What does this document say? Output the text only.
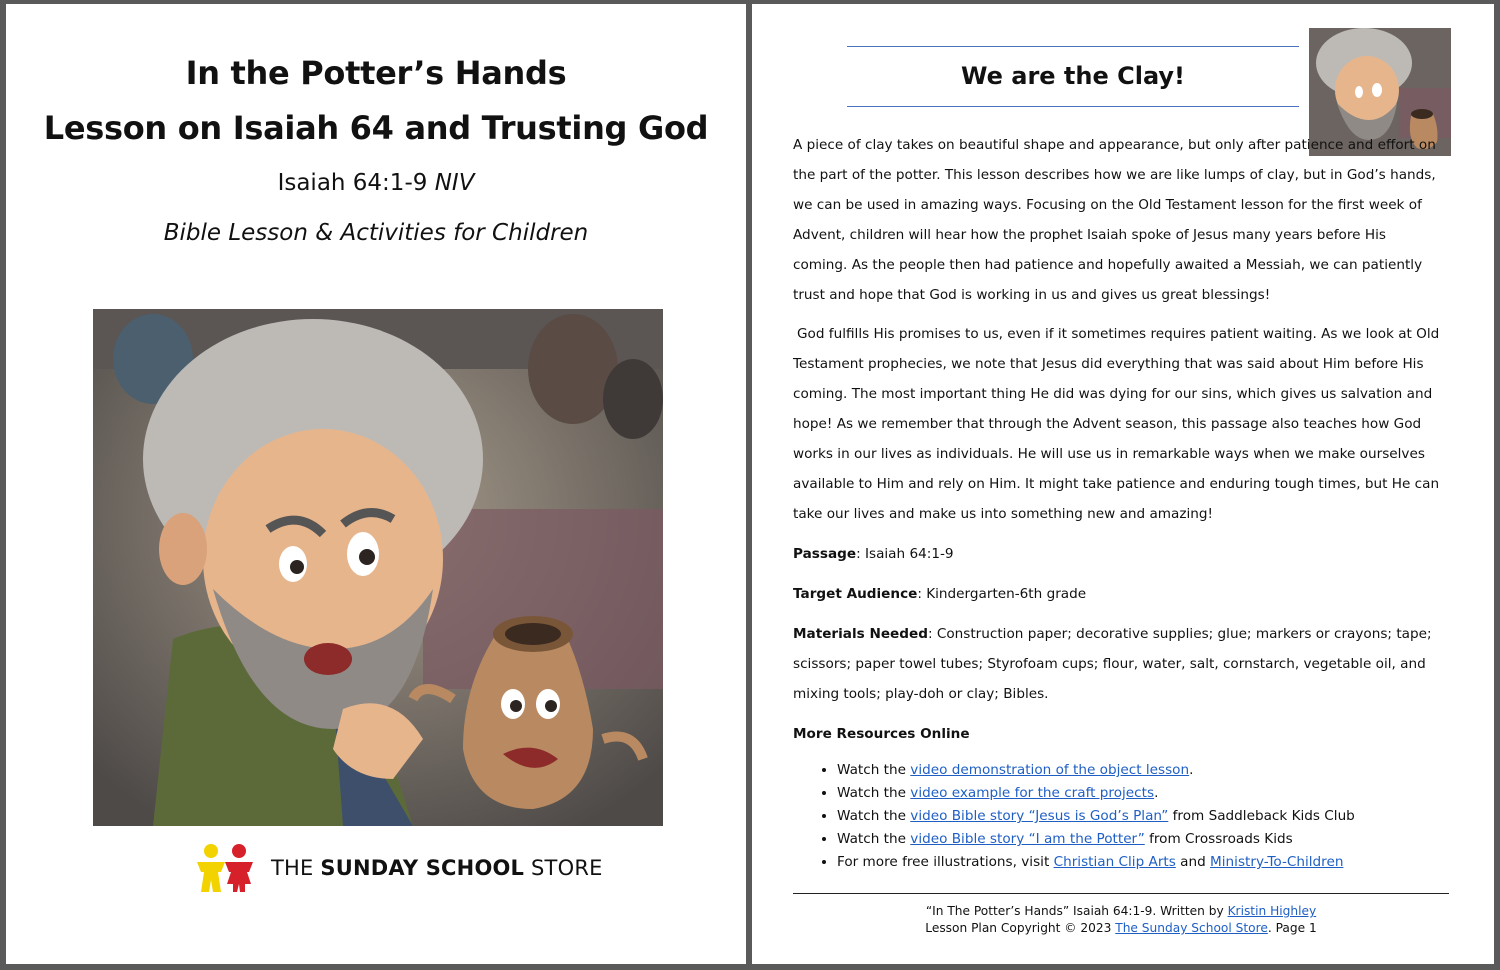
In the Potter’s Hands
Lesson on Isaiah 64 and Trusting God
Isaiah 64:1-9 NIV
Bible Lesson & Activities for Children
THE SUNDAY SCHOOL STORE
We are the Clay!

A piece of clay takes on beautiful shape and appearance, but only after patience and effort on the part of the potter. This lesson describes how we are like lumps of clay, but in God’s hands, we can be used in amazing ways. Focusing on the Old Testament lesson for the first week of Advent, children will hear how the prophet Isaiah spoke of Jesus many years before His coming. As the people then had patience and hopefully awaited a Messiah, we can patiently trust and hope that God is working in us and gives us great blessings!

God fulfills His promises to us, even if it sometimes requires patient waiting. As we look at Old Testament prophecies, we note that Jesus did everything that was said about Him before His coming. The most important thing He did was dying for our sins, which gives us salvation and hope! As we remember that through the Advent season, this passage also teaches how God works in our lives as individuals. He will use us in remarkable ways when we make ourselves available to Him and rely on Him. It might take patience and enduring tough times, but He can take our lives and make us into something new and amazing!

Passage: Isaiah 64:1-9

Target Audience: Kindergarten-6th grade

Materials Needed: Construction paper; decorative supplies; glue; markers or crayons; tape; scissors; paper towel tubes; Styrofoam cups; flour, water, salt, cornstarch, vegetable oil, and mixing tools; play-doh or clay; Bibles.

More Resources Online

• Watch the video demonstration of the object lesson.
• Watch the video example for the craft projects.
• Watch the video Bible story “Jesus is God’s Plan” from Saddleback Kids Club
• Watch the video Bible story “I am the Potter” from Crossroads Kids
• For more free illustrations, visit Christian Clip Arts and Ministry-To-Children
“In The Potter’s Hands” Isaiah 64:1-9. Written by Kristin Highley
Lesson Plan Copyright © 2023 The Sunday School Store. Page 1
